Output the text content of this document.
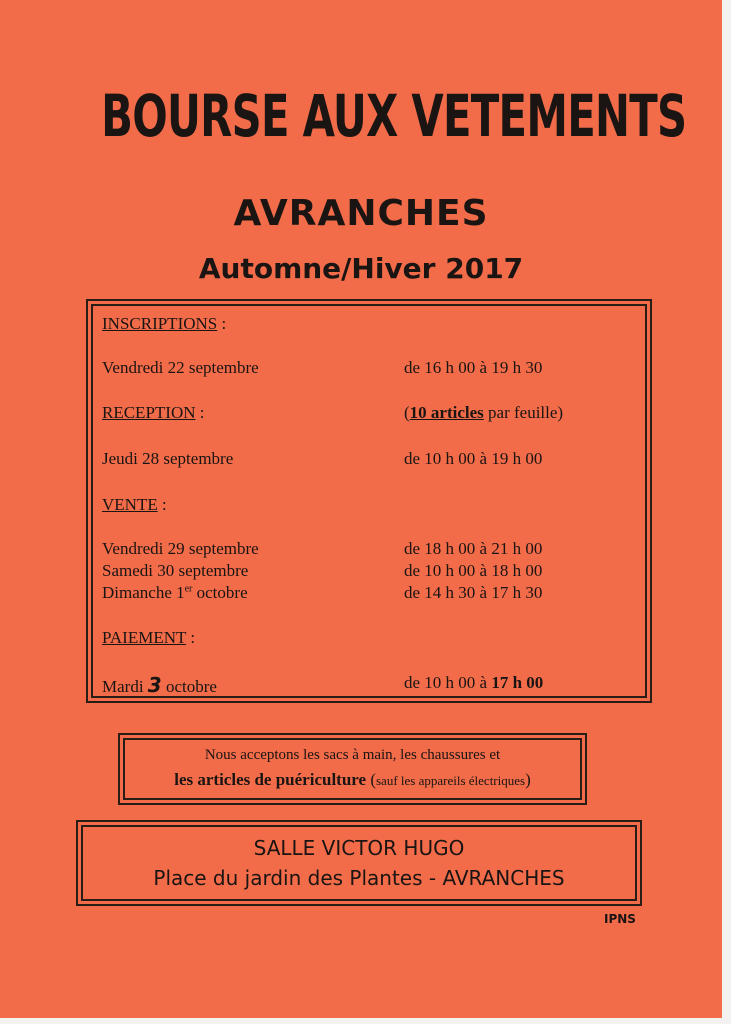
BOURSE AUX VETEMENTS
AVRANCHES
Automne/Hiver 2017
INSCRIPTIONS :
Vendredi 22 septembre	de 16 h 00 à 19 h 30
RECEPTION :	(10 articles par feuille)
Jeudi 28 septembre	de 10 h 00 à 19 h 00
VENTE :
Vendredi 29 septembre	de 18 h 00 à 21 h 00
Samedi 30 septembre	de 10 h 00 à 18 h 00
Dimanche 1er octobre	de 14 h 30 à 17 h 30
PAIEMENT :
Mardi 3 octobre	de 10 h 00 à 17 h 00
Nous acceptons les sacs à main, les chaussures et
les articles de puériculture (sauf les appareils électriques)
SALLE VICTOR HUGO
Place du jardin des Plantes - AVRANCHES
IPNS
